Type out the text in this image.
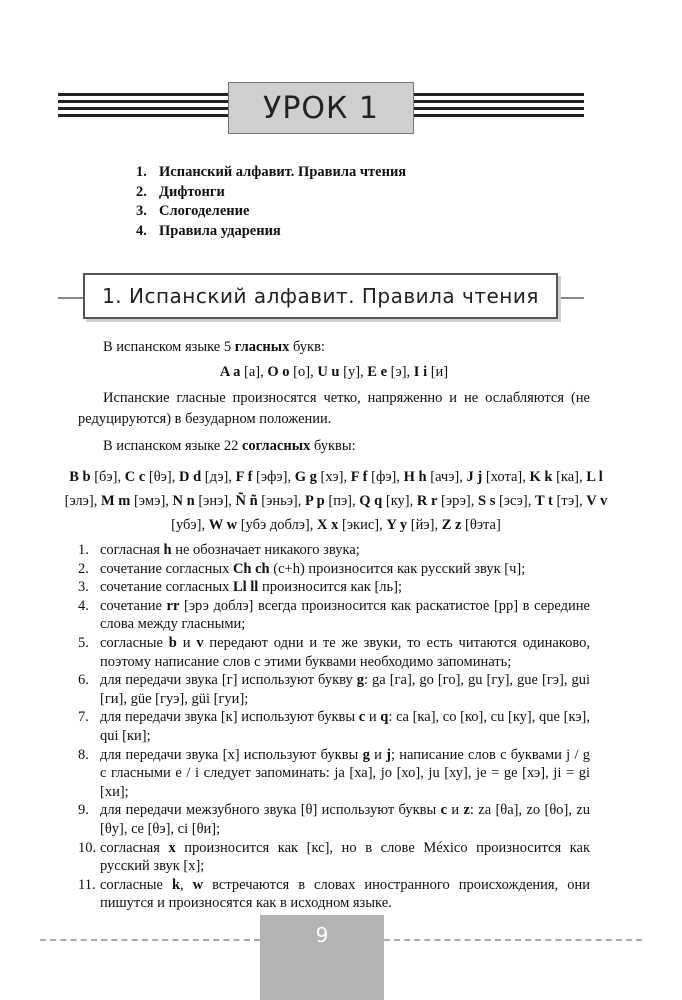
УРОК 1
1. Испанский алфавит. Правила чтения
2. Дифтонги
3. Слогоделение
4. Правила ударения
1. Испанский алфавит. Правила чтения

В испанском языке 5 гласных букв:

A a [а], O o [о], U u [у], E e [э], I i [и]

Испанские гласные произносятся четко, напряженно и не ослабляются (не редуцируются) в безударном положении.

В испанском языке 22 согласных буквы:

B b [бэ], C c [θэ], D d [дэ], F f [эфэ], G g [хэ], F f [фэ], H h [ачэ], J j [хота], K k [ка], L l [элэ], M m [эмэ], N n [энэ], Ñ ñ [эньэ], P p [пэ], Q q [ку], R r [эрэ], S s [эсэ], T t [тэ], V v [убэ], W w [убэ доблэ], X x [экис], Y y [йэ], Z z [θэта]
1. согласная h не обозначает никакого звука;
2. сочетание согласных Ch ch (c+h) произносится как русский звук [ч];
3. сочетание согласных Ll ll произносится как [ль];
4. сочетание rr [эрэ доблэ] всегда произносится как раскатистое [рр] в середине слова между гласными;
5. согласные b и v передают одни и те же звуки, то есть читаются одинаково, поэтому написание слов с этими буквами необходимо запоминать;
6. для передачи звука [г] используют букву g: ga [га], go [го], gu [гу], gue [гэ], gui [ги], güe [гуэ], güi [гуи];
7. для передачи звука [к] используют буквы c и q: ca [ка], co [ко], cu [ку], que [кэ], qui [ки];
8. для передачи звука [х] используют буквы g и j; написание слов с буквами j / g с гласными e / i следует запоминать: ja [ха], jo [хо], ju [ху], je = ge [хэ], ji = gi [хи];
9. для передачи межзубного звука [θ] используют буквы c и z: za [θа], zo [θо], zu [θу], ce [θэ], ci [θи];
10. согласная x произносится как [кс], но в слове México произносится как русский звук [х];
11. согласные k, w встречаются в словах иностранного происхождения, они пишутся и произносятся как в исходном языке.
9
